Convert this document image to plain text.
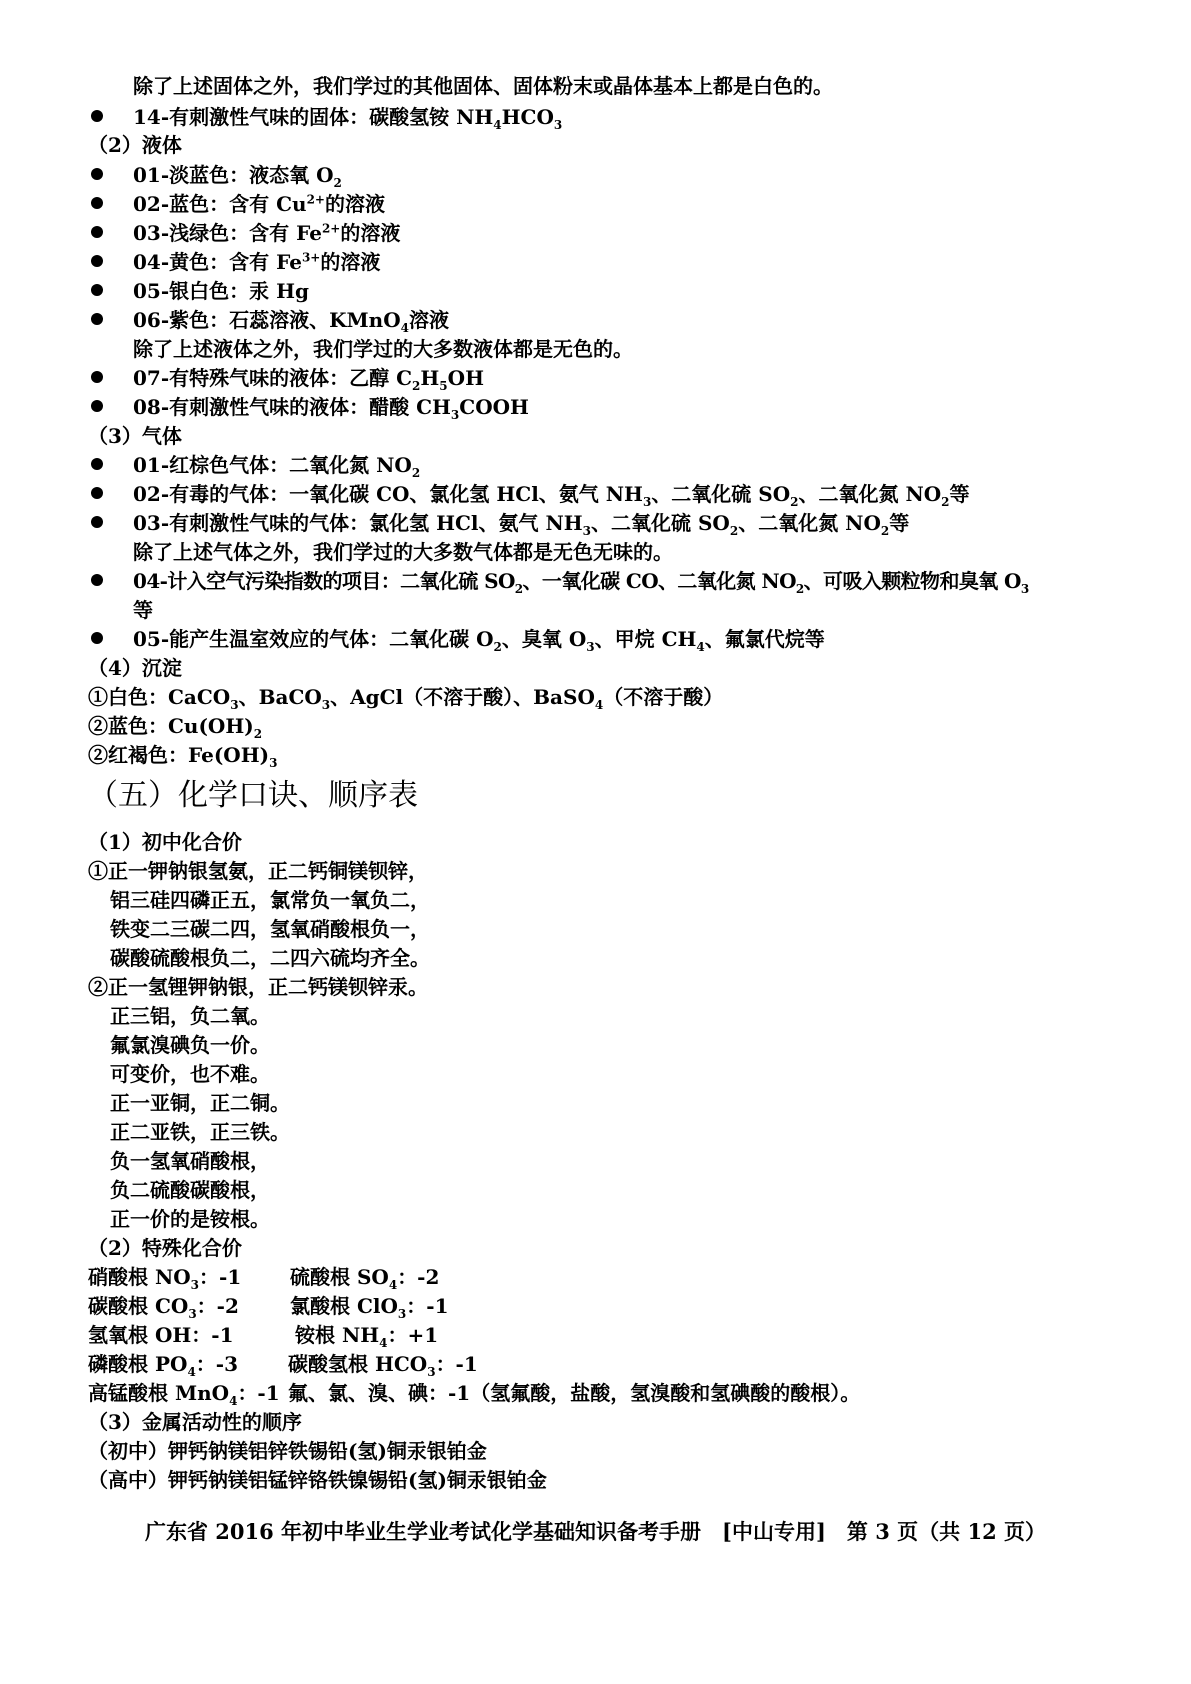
除了上述固体之外，我们学过的其他固体、固体粉末或晶体基本上都是白色的。
14-有刺激性气味的固体：碳酸氢铵 $NH_4HCO_3$
（2）液体
01-淡蓝色：液态氧 $O_2$
02-蓝色：含有 $Cu^{2+}$的溶液
03-浅绿色：含有 $Fe^{2+}$的溶液
04-黄色：含有 $Fe^{3+}$的溶液
05-银白色：汞 Hg
06-紫色：石蕊溶液、KMnO$_4$溶液
除了上述液体之外，我们学过的大多数液体都是无色的。
07-有特殊气味的液体：乙醇 $C_2H_5OH$
08-有刺激性气味的液体：醋酸 $CH_3COOH$
（3）气体
01-红棕色气体：二氧化氮 $NO_2$
02-有毒的气体：一氧化碳 CO、氯化氢 HCl、氨气 $NH_3$、二氧化硫 $SO_2$、二氧化氮 $NO_2$等
03-有刺激性气味的气体：氯化氢 HCl、氨气 $NH_3$、二氧化硫 $SO_2$、二氧化氮 $NO_2$等
除了上述气体之外，我们学过的大多数气体都是无色无味的。
04-计入空气污染指数的项目：二氧化硫 $SO_2$、一氧化碳 CO、二氧化氮 $NO_2$、可吸入颗粒物和臭氧 $O_3$
等
05-能产生温室效应的气体：二氧化碳 $O_2$、臭氧 $O_3$、甲烷 $CH_4$、氟氯代烷等
（4）沉淀
①白色：CaCO$_3$、BaCO$_3$、AgCl（不溶于酸）、BaSO$_4$（不溶于酸）
②蓝色：$Cu(OH)_2$
②红褐色：$Fe(OH)_3$
（五）化学口诀、顺序表
（1）初中化合价
①正一钾钠银氢氨，正二钙铜镁钡锌，
铝三硅四磷正五，氯常负一氧负二，
铁变二三碳二四，氢氧硝酸根负一，
碳酸硫酸根负二，二四六硫均齐全。
②正一氢锂钾钠银，正二钙镁钡锌汞。
正三铝，负二氧。
氟氯溴碘负一价。
可变价，也不难。
正一亚铜，正二铜。
正二亚铁，正三铁。
负一氢氧硝酸根，
负二硫酸碳酸根，
正一价的是铵根。
（2）特殊化合价
硝酸根 $NO_3$：-1 硫酸根 $SO_4$：-2
碳酸根 $CO_3$：-2	氯酸根 ClO$_3$：-1
氢氧根 OH：-1	铵根 $NH_4$：+1
磷酸根 $PO_4$：-3 碳酸氢根 $HCO_3$：-1
高锰酸根 MnO$_4$：-1 氟、氯、溴、碘：-1（氢氟酸，盐酸，氢溴酸和氢碘酸的酸根）。
（3）金属活动性的顺序
（初中）钾钙钠镁铝锌铁锡铅(氢)铜汞银铂金
（高中）钾钙钠镁铝锰锌铬铁镍锡铅(氢)铜汞银铂金
广东省 2016 年初中毕业生学业考试化学基础知识备考手册　[中山专用]　第 3 页（共 12 页）
